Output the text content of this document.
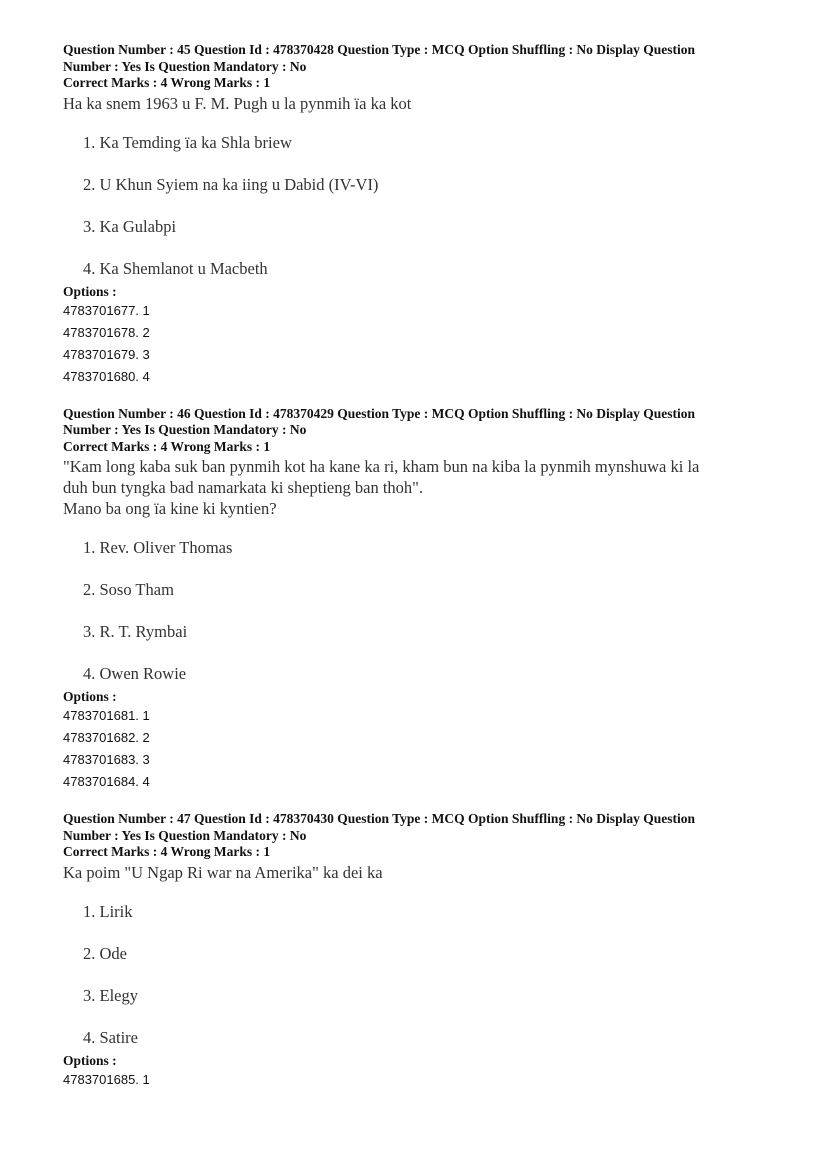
Question Number : 45 Question Id : 478370428 Question Type : MCQ Option Shuffling : No Display Question
Number : Yes Is Question Mandatory : No
Correct Marks : 4 Wrong Marks : 1
Ha ka snem 1963 u F. M. Pugh u la pynmih ïa ka kot
1. Ka Temding ïa ka Shla briew
2. U Khun Syiem na ka iing u Dabid (IV-VI)
3. Ka Gulabpi
4. Ka Shemlanot u Macbeth
Options :
4783701677. 1
4783701678. 2
4783701679. 3
4783701680. 4
Question Number : 46 Question Id : 478370429 Question Type : MCQ Option Shuffling : No Display Question
Number : Yes Is Question Mandatory : No
Correct Marks : 4 Wrong Marks : 1
"Kam long kaba suk ban pynmih kot ha kane ka ri, kham bun na kiba la pynmih mynshuwa ki la
duh bun tyngka bad namarkata ki sheptieng ban thoh".
Mano ba ong ïa kine ki kyntien?
1. Rev. Oliver Thomas
2. Soso Tham
3. R. T. Rymbai
4. Owen Rowie
Options :
4783701681. 1
4783701682. 2
4783701683. 3
4783701684. 4
Question Number : 47 Question Id : 478370430 Question Type : MCQ Option Shuffling : No Display Question
Number : Yes Is Question Mandatory : No
Correct Marks : 4 Wrong Marks : 1
Ka poim "U Ngap Ri war na Amerika" ka dei ka
1. Lirik
2. Ode
3. Elegy
4. Satire
Options :
4783701685. 1
